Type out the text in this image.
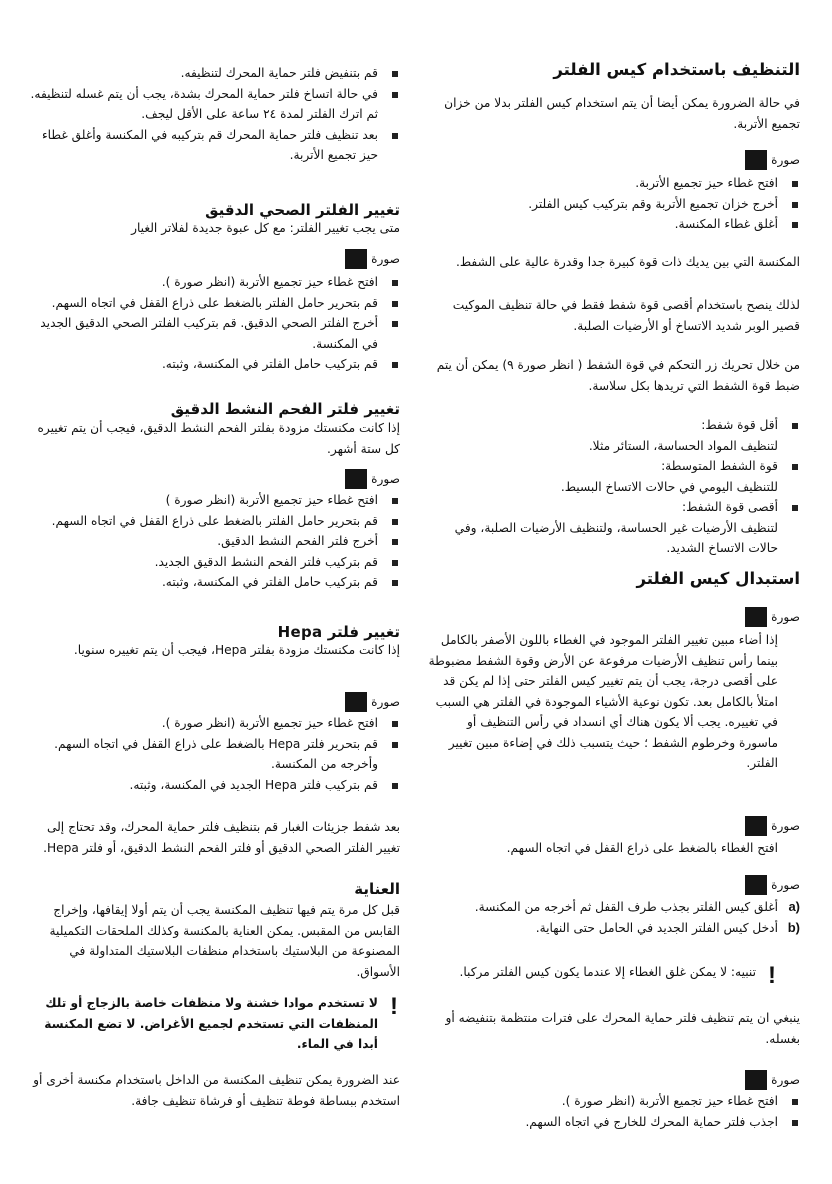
التنظيف باستخدام كيس الفلتر
في حالة الضرورة يمكن أيضا أن يتم استخدام كيس الفلتر بدلا من خزان تجميع الأتربة.
صورة
افتح غطاء حيز تجميع الأتربة.
أخرج خزان تجميع الأتربة وقم بتركيب كيس الفلتر.
أغلق غطاء المكنسة.
المكنسة التي بين يديك ذات قوة كبيرة جدا وقدرة عالية على الشفط.
لذلك ينصح باستخدام أقصى قوة شفط فقط في حالة تنظيف الموكيت قصير الوبر شديد الاتساخ أو الأرضيات الصلبة.
من خلال تحريك زر التحكم في قوة الشفط ( انظر صورة ٩) يمكن أن يتم ضبط قوة الشفط التي تريدها بكل سلاسة.
أقل قوة شفط:
لتنظيف المواد الحساسة، الستائر مثلا.
قوة الشفط المتوسطة:
للتنظيف اليومي في حالات الاتساخ البسيط.
أقصى قوة الشفط:
لتنظيف الأرضيات غير الحساسة، ولتنظيف الأرضيات الصلبة، وفي حالات الاتساخ الشديد.
استبدال كيس الفلتر
صورة
إذا أضاء مبين تغيير الفلتر الموجود في الغطاء باللون الأصفر بالكامل بينما رأس تنظيف الأرضيات مرفوعة عن الأرض وقوة الشفط مضبوطة على أقصى درجة، يجب أن يتم تغيير كيس الفلتر حتى إذا لم يكن قد امتلأ بالكامل بعد. تكون نوعية الأشياء الموجودة في الفلتر هي السبب في تغييره. يجب ألا يكون هناك أي انسداد في رأس التنظيف أو ماسورة وخرطوم الشفط ؛ حيث يتسبب ذلك في إضاءة مبين تغيير الفلتر.
صورة
افتح الغطاء بالضغط على ذراع القفل في اتجاه السهم.
صورة
a)
أغلق كيس الفلتر بجذب طرف القفل ثم أخرجه من المكنسة.
b)
أدخل كيس الفلتر الجديد في الحامل حتى النهاية.
!
تنبيه: لا يمكن غلق الغطاء إلا عندما يكون كيس الفلتر مركبا.
ينبغي ان يتم تنظيف فلتر حماية المحرك على فترات منتظمة بتنفيضه أو بغسله.
صورة
افتح غطاء حيز تجميع الأتربة (انظر صورة ).
اجذب فلتر حماية المحرك للخارج في اتجاه السهم.
قم بتنفيض فلتر حماية المحرك لتنظيفه.
في حالة اتساخ فلتر حماية المحرك بشدة، يجب أن يتم غسله لتنظيفه. ثم اترك الفلتر لمدة ٢٤ ساعة على الأقل ليجف.
بعد تنظيف فلتر حماية المحرك قم بتركيبه في المكنسة وأغلق غطاء حيز تجميع الأتربة.
تغيير الفلتر الصحي الدقيق
متى يجب تغيير الفلتر: مع كل عبوة جديدة لفلاتر الغيار
صورة
افتح غطاء حيز تجميع الأتربة (انظر صورة ).
قم بتحرير حامل الفلتر بالضغط على ذراع القفل في اتجاه السهم.
أخرج الفلتر الصحي الدقيق. قم بتركيب الفلتر الصحي الدقيق الجديد في المكنسة.
قم بتركيب حامل الفلتر في المكنسة، وثبته.
تغيير فلتر الفحم النشط الدقيق
إذا كانت مكنستك مزودة بفلتر الفحم النشط الدقيق، فيجب أن يتم تغييره كل ستة أشهر.
صورة
افتح غطاء حيز تجميع الأتربة (انظر صورة )
قم بتحرير حامل الفلتر بالضغط على ذراع القفل في اتجاه السهم.
أخرج فلتر الفحم النشط الدقيق.
قم بتركيب فلتر الفحم النشط الدقيق الجديد.
قم بتركيب حامل الفلتر في المكنسة، وثبته.
تغيير فلتر Hepa
إذا كانت مكنستك مزودة بفلتر Hepa، فيجب أن يتم تغييره سنويا.
صورة
افتح غطاء حيز تجميع الأتربة (انظر صورة ).
قم بتحرير فلتر Hepa بالضغط على ذراع القفل في اتجاه السهم. وأخرجه من المكنسة.
قم بتركيب فلتر Hepa الجديد في المكنسة، وثبته.
بعد شفط جزيئات الغبار قم بتنظيف فلتر حماية المحرك، وقد تحتاج إلى تغيير الفلتر الصحي الدقيق أو فلتر الفحم النشط الدقيق، أو فلتر Hepa.
العناية
قبل كل مرة يتم فيها تنظيف المكنسة يجب أن يتم أولا إيقافها، وإخراج القابس من المقبس. يمكن العناية بالمكنسة وكذلك الملحقات التكميلية المصنوعة من البلاستيك باستخدام منظفات البلاستيك المتداولة في الأسواق.
!
لا تستخدم موادا خشنة ولا منظفات خاصة بالزجاج أو تلك المنظفات التي تستخدم لجميع الأغراض. لا تضع المكنسة أبدا في الماء.
عند الضرورة يمكن تنظيف المكنسة من الداخل باستخدام مكنسة أخرى أو استخدم ببساطة فوطة تنظيف أو فرشاة تنظيف جافة.
